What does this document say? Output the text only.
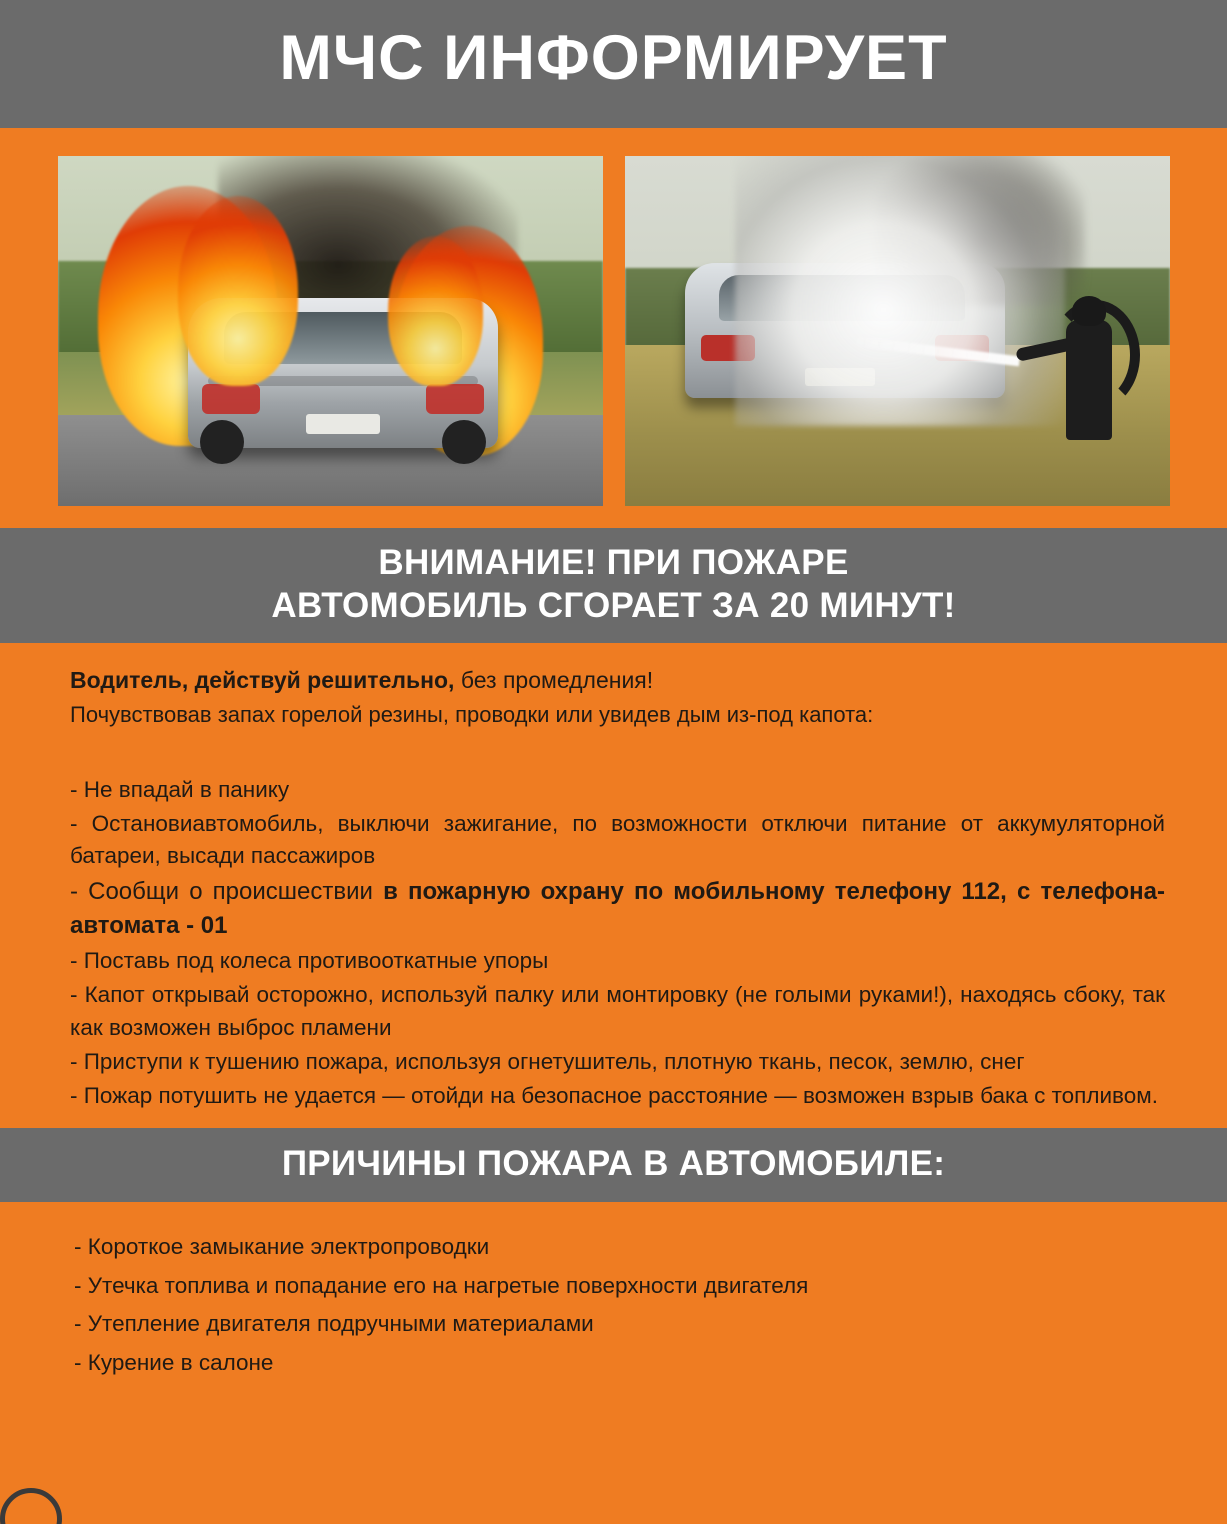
МЧС ИНФОРМИРУЕТ
ВНИМАНИЕ! ПРИ ПОЖАРЕ
АВТОМОБИЛЬ СГОРАЕТ ЗА 20 МИНУТ!
Водитель, действуй решительно, без промедления!
Почувствовав запах горелой резины, проводки или увидев дым из-под капота:

- Не впадай в панику

- Остановиавтомобиль, выключи зажигание, по возможности отключи питание от аккумуляторной батареи, высади пассажиров

- Сообщи о происшествии в пожарную охрану по мобильному телефону 112, с телефона-автомата - 01

- Поставь под колеса противооткатные упоры

- Капот открывай осторожно, используй палку или монтировку (не голыми руками!), находясь сбоку, так как возможен выброс пламени

- Приступи к тушению пожара, используя огнетушитель, плотную ткань, песок, землю, снег

- Пожар потушить не удается — отойди на безопасное расстояние — возможен взрыв бака с топливом.

ПРИЧИНЫ ПОЖАРА В АВТОМОБИЛЕ:

- Короткое замыкание электропроводки

- Утечка топлива и попадание его на нагретые поверхности двигателя

- Утепление двигателя подручными материалами

- Курение в салоне
